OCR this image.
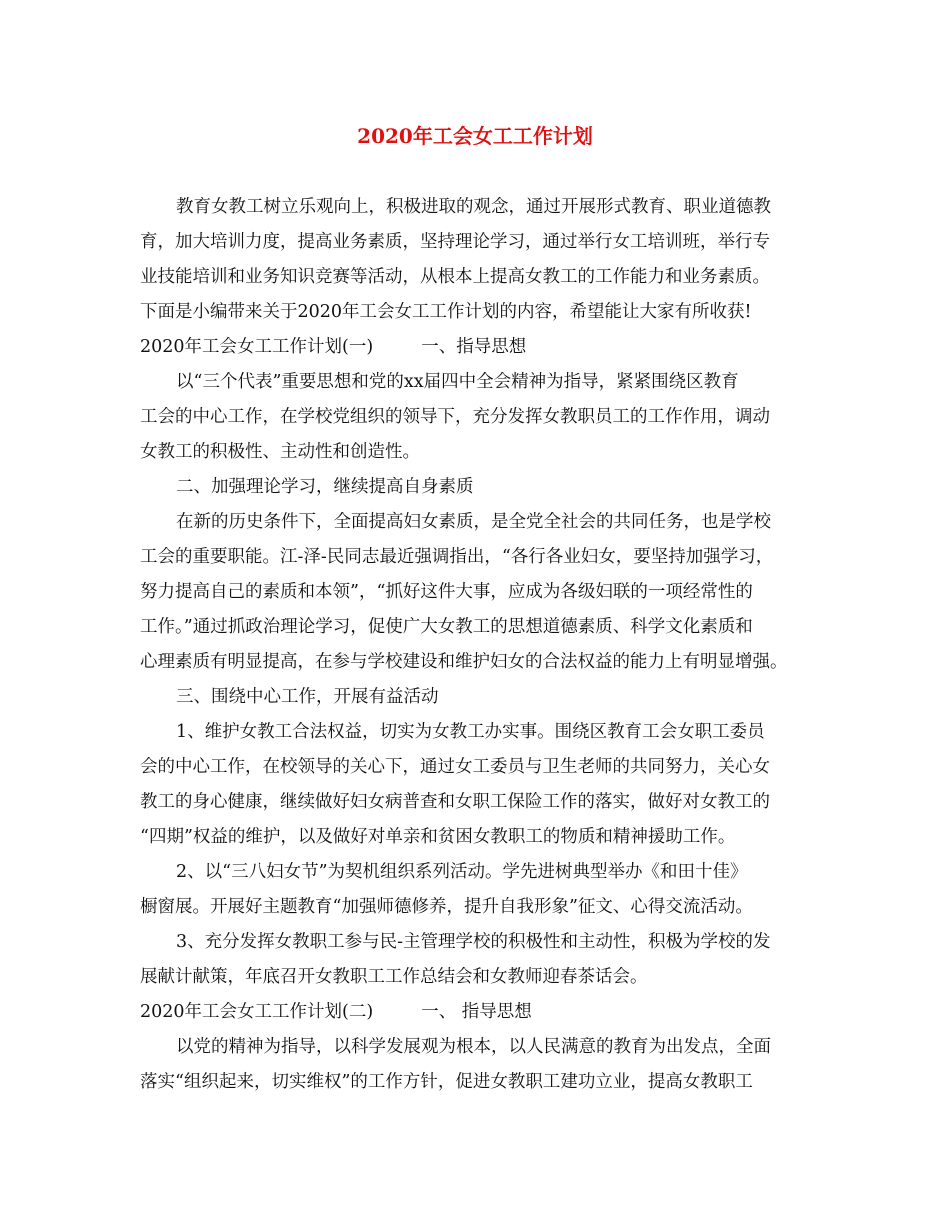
2020年工会女工工作计划
教育女教工树立乐观向上，积极进取的观念，通过开展形式教育、职业道德教
育，加大培训力度，提高业务素质，坚持理论学习，通过举行女工培训班，举行专
业技能培训和业务知识竞赛等活动，从根本上提高女教工的工作能力和业务素质。
下面是小编带来关于2020年工会女工工作计划的内容，希望能让大家有所收获!
2020年工会女工工作计划(一)	一、指导思想
以“三个代表”重要思想和党的xx届四中全会精神为指导，紧紧围绕区教育
工会的中心工作，在学校党组织的领导下，充分发挥女教职员工的工作作用，调动
女教工的积极性、主动性和创造性。
二、加强理论学习，继续提高自身素质
在新的历史条件下，全面提高妇女素质，是全党全社会的共同任务，也是学校
工会的重要职能。江-泽-民同志最近强调指出，“各行各业妇女，要坚持加强学习，
努力提高自己的素质和本领”，“抓好这件大事，应成为各级妇联的一项经常性的
工作。”通过抓政治理论学习，促使广大女教工的思想道德素质、科学文化素质和
心理素质有明显提高，在参与学校建设和维护妇女的合法权益的能力上有明显增强。
三、围绕中心工作，开展有益活动
1、维护女教工合法权益，切实为女教工办实事。围绕区教育工会女职工委员
会的中心工作，在校领导的关心下，通过女工委员与卫生老师的共同努力，关心女
教工的身心健康，继续做好妇女病普查和女职工保险工作的落实，做好对女教工的
“四期”权益的维护，以及做好对单亲和贫困女教职工的物质和精神援助工作。
2、以“三八妇女节”为契机组织系列活动。学先进树典型举办《和田十佳》
橱窗展。开展好主题教育“加强师德修养，提升自我形象”征文、心得交流活动。
3、充分发挥女教职工参与民-主管理学校的积极性和主动性，积极为学校的发
展献计献策，年底召开女教职工工作总结会和女教师迎春茶话会。
2020年工会女工工作计划(二)	一、 指导思想
以党的精神为指导，以科学发展观为根本，以人民满意的教育为出发点，全面
落实“组织起来，切实维权”的工作方针，促进女教职工建功立业，提高女教职工
